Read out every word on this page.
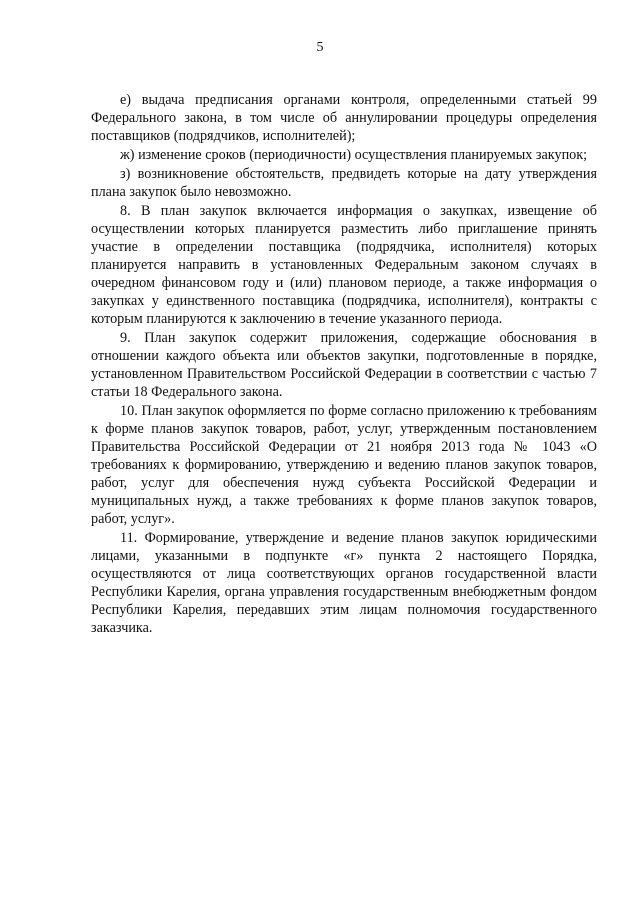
5

е) выдача предписания органами контроля, определенными статьей 99 Федерального закона, в том числе об аннулировании процедуры определения поставщиков (подрядчиков, исполнителей);

ж) изменение сроков (периодичности) осуществления планируемых закупок;

з) возникновение обстоятельств, предвидеть которые на дату утверждения плана закупок было невозможно.

8. В план закупок включается информация о закупках, извещение об осуществлении которых планируется разместить либо приглашение принять участие в определении поставщика (подрядчика, исполнителя) которых планируется направить в установленных Федеральным законом случаях в очередном финансовом году и (или) плановом периоде, а также информация о закупках у единственного поставщика (подрядчика, исполнителя), контракты с которым планируются к заключению в течение указанного периода.

9. План закупок содержит приложения, содержащие обоснования в отношении каждого объекта или объектов закупки, подготовленные в порядке, установленном Правительством Российской Федерации в соответствии с частью 7 статьи 18 Федерального закона.

10. План закупок оформляется по форме согласно приложению к требованиям к форме планов закупок товаров, работ, услуг, утвержденным постановлением Правительства Российской Федерации от 21 ноября 2013 года № 1043 «О требованиях к формированию, утверждению и ведению планов закупок товаров, работ, услуг для обеспечения нужд субъекта Российской Федерации и муниципальных нужд, а также требованиях к форме планов закупок товаров, работ, услуг».

11. Формирование, утверждение и ведение планов закупок юридическими лицами, указанными в подпункте «г» пункта 2 настоящего Порядка, осуществляются от лица соответствующих органов государственной власти Республики Карелия, органа управления государственным внебюджетным фондом Республики Карелия, передавших этим лицам полномочия государственного заказчика.
